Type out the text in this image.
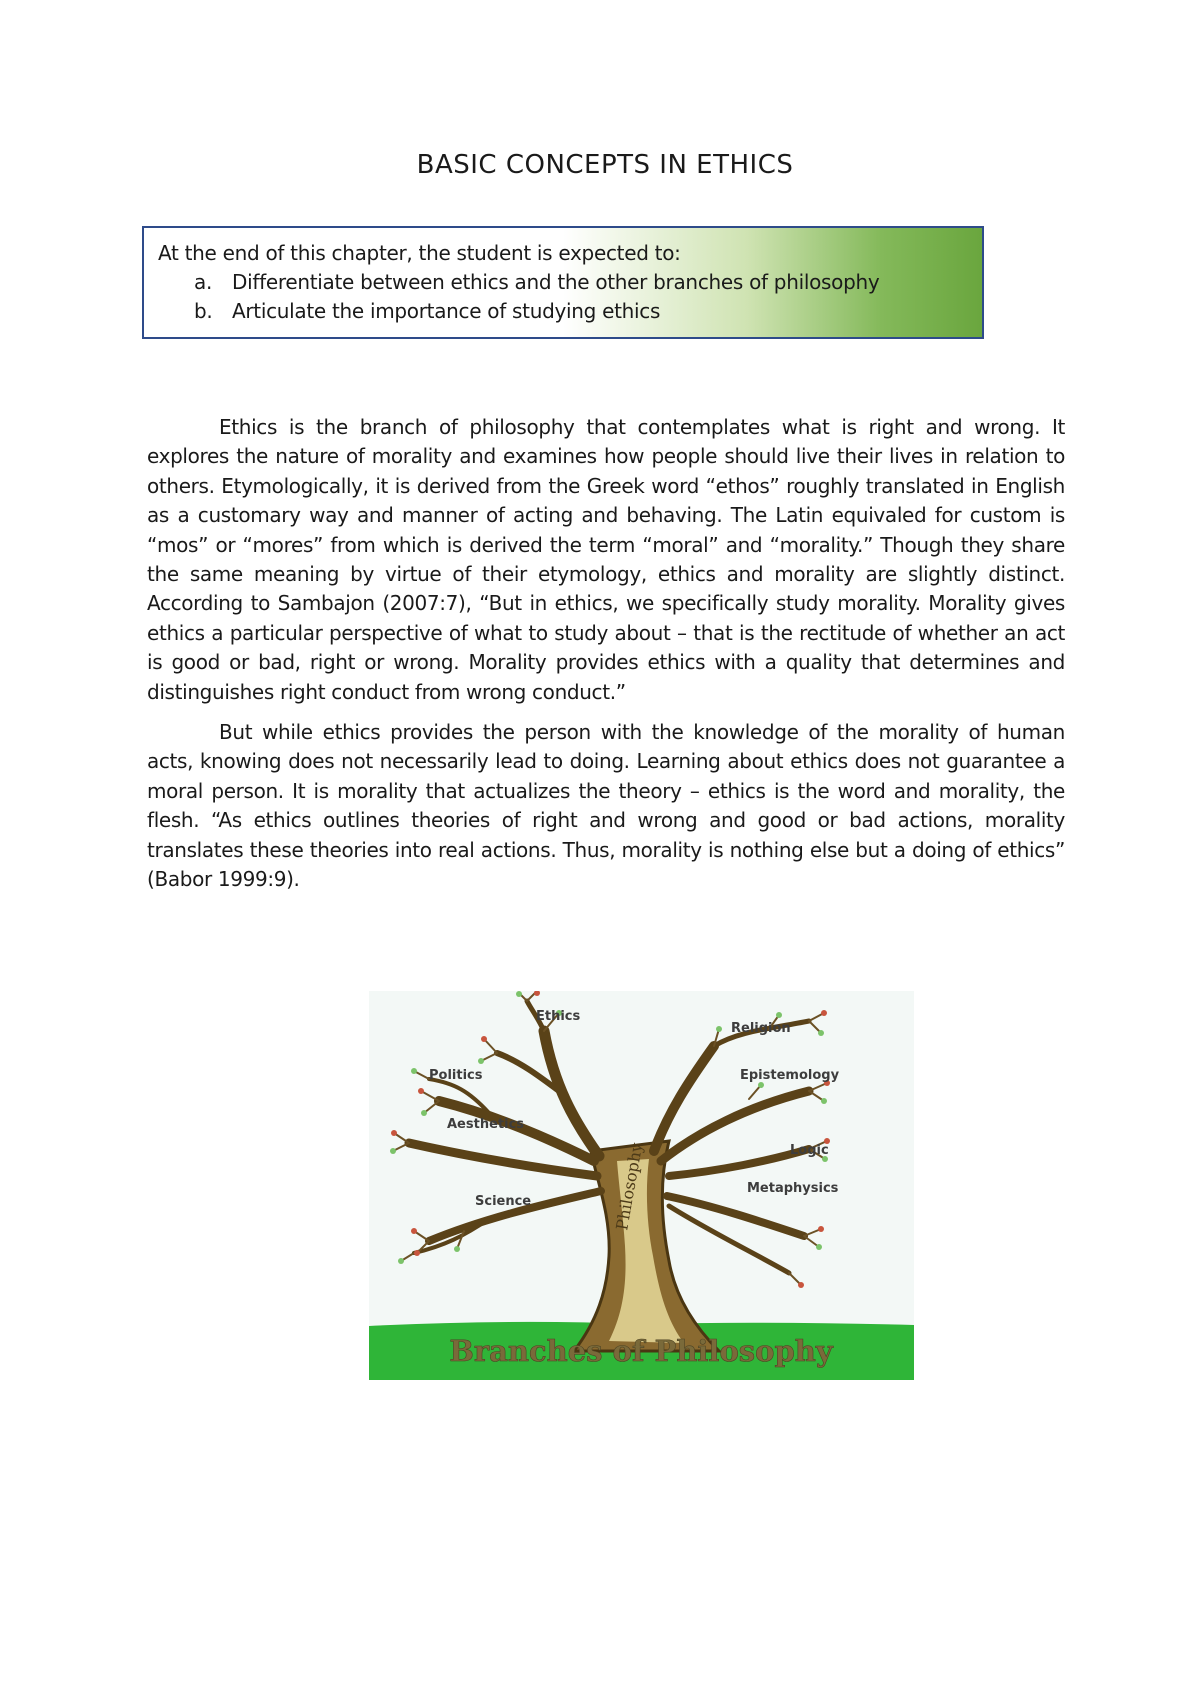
BASIC CONCEPTS IN ETHICS
At the end of this chapter, the student is expected to:
a. Differentiate between ethics and the other branches of philosophy
b. Articulate the importance of studying ethics

Ethics is the branch of philosophy that contemplates what is right and wrong. It explores the nature of morality and examines how people should live their lives in relation to others. Etymologically, it is derived from the Greek word “ethos” roughly translated in English as a customary way and manner of acting and behaving. The Latin equivaled for custom is “mos” or “mores” from which is derived the term “moral” and “morality.” Though they share the same meaning by virtue of their etymology, ethics and morality are slightly distinct. According to Sambajon (2007:7), “But in ethics, we specifically study morality. Morality gives ethics a particular perspective of what to study about – that is the rectitude of whether an act is good or bad, right or wrong. Morality provides ethics with a quality that determines and distinguishes right conduct from wrong conduct.”

But while ethics provides the person with the knowledge of the morality of human acts, knowing does not necessarily lead to doing. Learning about ethics does not guarantee a moral person. It is morality that actualizes the theory – ethics is the word and morality, the flesh. “As ethics outlines theories of right and wrong and good or bad actions, morality translates these theories into real actions. Thus, morality is nothing else but a doing of ethics” (Babor 1999:9).

Philosophy
Ethics
Religion
Politics	Epistemology
Aesthetics
Logic
Metaphysics
Science
Branches of Philosophy
